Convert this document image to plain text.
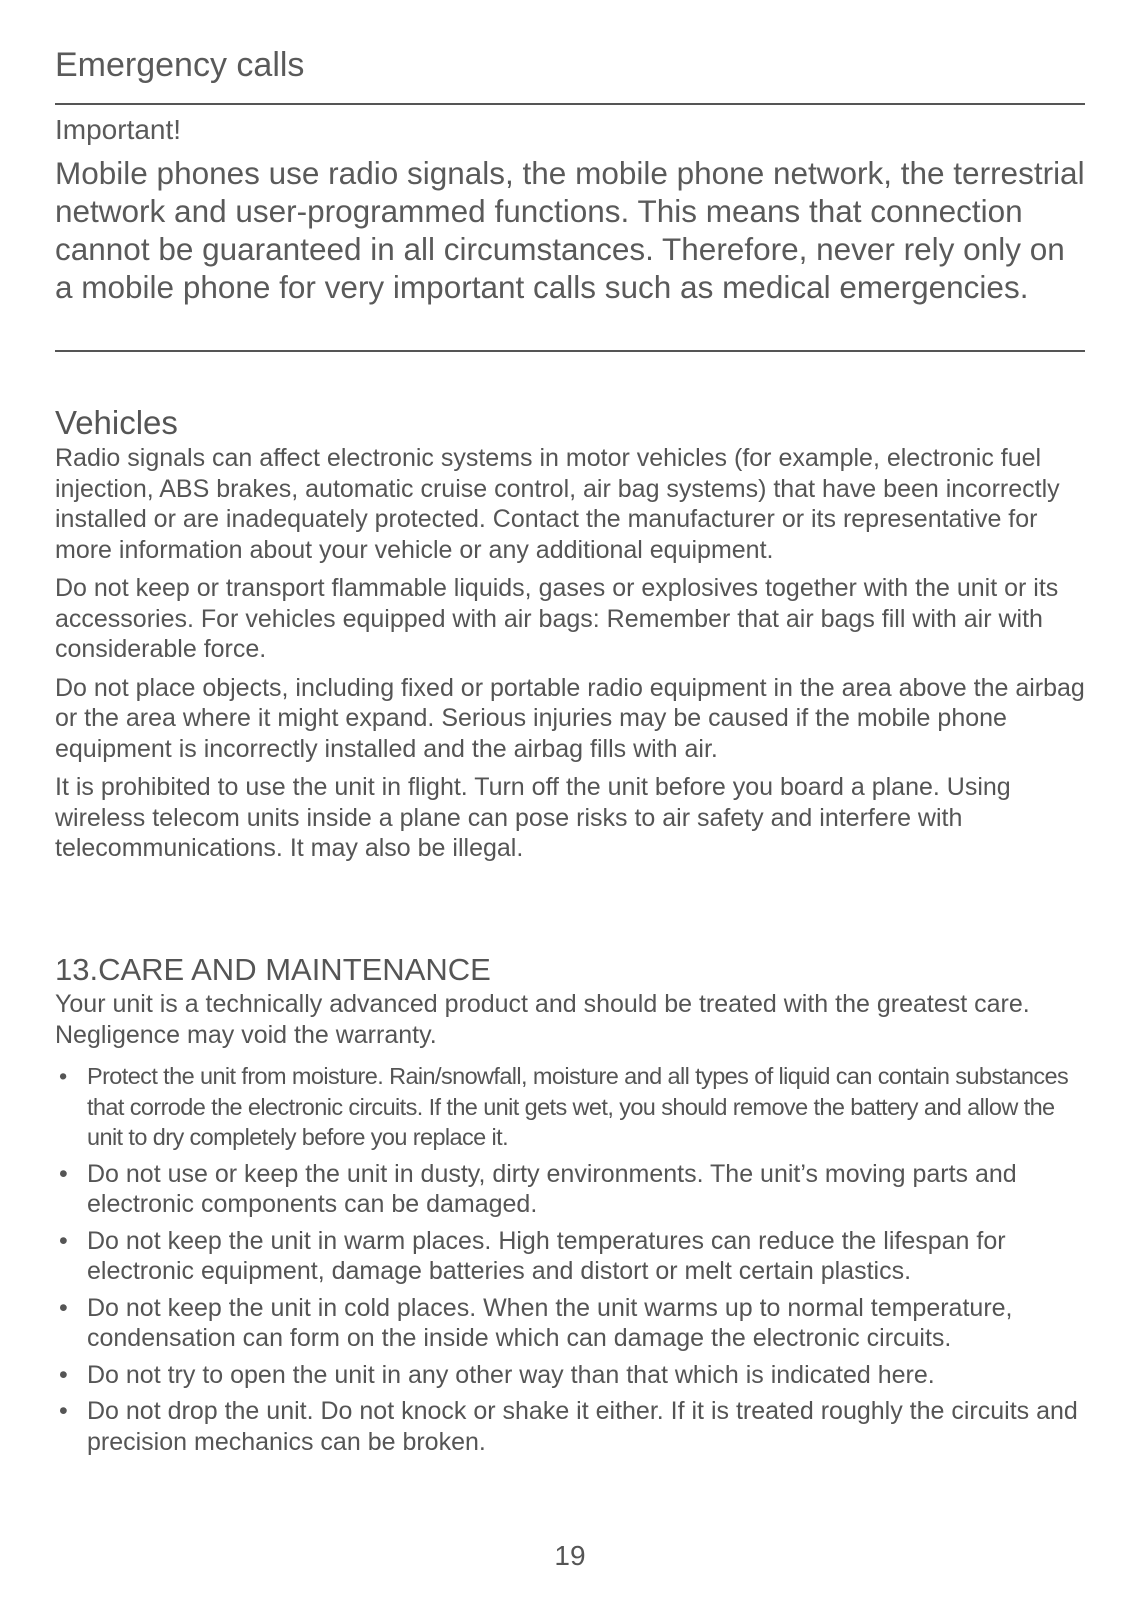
Emergency calls
Important!

Mobile phones use radio signals, the mobile phone network, the terrestrial network and user-programmed functions. This means that connection cannot be guaranteed in all circumstances. Therefore, never rely only on a mobile phone for very important calls such as medical emergencies.

Vehicles

Radio signals can affect electronic systems in motor vehicles (for example, electronic fuel injection, ABS brakes, automatic cruise control, air bag systems) that have been incorrectly installed or are inadequately protected. Contact the manufacturer or its representative for more information about your vehicle or any additional equipment.

Do not keep or transport flammable liquids, gases or explosives together with the unit or its accessories. For vehicles equipped with air bags: Remember that air bags fill with air with considerable force.

Do not place objects, including fixed or portable radio equipment in the area above the airbag or the area where it might expand. Serious injuries may be caused if the mobile phone equipment is incorrectly installed and the airbag fills with air.

It is prohibited to use the unit in flight. Turn off the unit before you board a plane. Using wireless telecom units inside a plane can pose risks to air safety and interfere with telecommunications. It may also be illegal.

13.CARE AND MAINTENANCE

Your unit is a technically advanced product and should be treated with the greatest care. Negligence may void the warranty.

• Protect the unit from moisture. Rain/snowfall, moisture and all types of liquid can contain substances that corrode the electronic circuits. If the unit gets wet, you should remove the battery and allow the unit to dry completely before you replace it.
• Do not use or keep the unit in dusty, dirty environments. The unit’s moving parts and electronic components can be damaged.
• Do not keep the unit in warm places. High temperatures can reduce the lifespan for electronic equipment, damage batteries and distort or melt certain plastics.
• Do not keep the unit in cold places. When the unit warms up to normal temperature, condensation can form on the inside which can damage the electronic circuits.
• Do not try to open the unit in any other way than that which is indicated here.
• Do not drop the unit. Do not knock or shake it either. If it is treated roughly the circuits and precision mechanics can be broken.
19
